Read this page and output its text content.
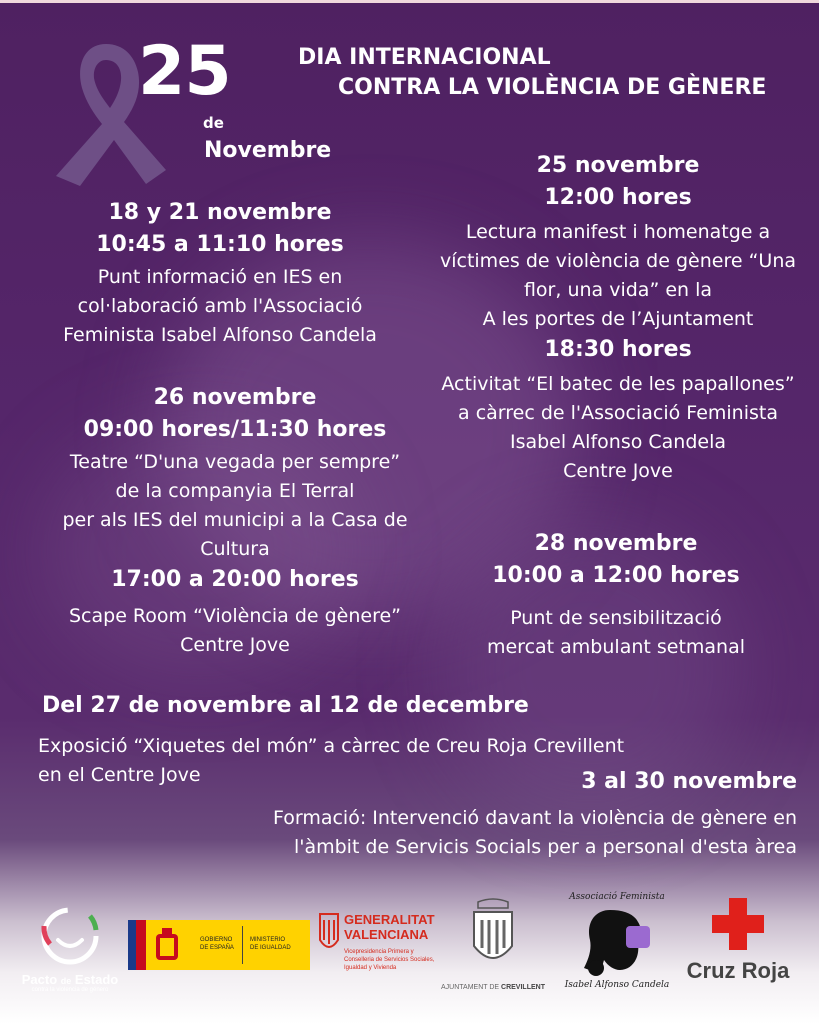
25
de
Novembre
DIA INTERNACIONAL
CONTRA LA VIOLÈNCIA DE GÈNERE
18 y 21 novembre
10:45 a 11:10 hores
Punt informació en IES en
col·laboració amb l'Associació
Feminista Isabel Alfonso Candela
26 novembre
09:00 hores/11:30 hores
Teatre “D'una vegada per sempre”
de la companyia El Terral
per als IES del municipi a la Casa de
Cultura
17:00 a 20:00 hores
Scape Room “Violència de gènere”
Centre Jove
25 novembre
12:00 hores
Lectura manifest i homenatge a
víctimes de violència de gènere “Una
flor, una vida” en la
A les portes de l’Ajuntament
18:30 hores
Activitat “El batec de les papallones”
a càrrec de l'Associació Feminista
Isabel Alfonso Candela
Centre Jove
28 novembre
10:00 a 12:00 hores
Punt de sensibilització
mercat ambulant setmanal
Del 27 de novembre al 12 de decembre
Exposició “Xiquetes del món” a càrrec de Creu Roja Crevillent
en el Centre Jove	3 al 30 novembre
Formació: Intervenció davant la violència de gènere en
l'àmbit de Servicis Socials per a personal d'esta àrea
Pacto de Estado
contra la violencia de género
GOBIERNO
DE ESPAÑA
MINISTERIO
DE IGUALDAD
GENERALITAT
VALENCIANA
Vicepresidencia Primera y
Conselleria de Servicios Sociales,
Igualdad y Vivienda
AJUNTAMENT DE CREVILLENT
Associació Feminista
Isabel Alfonso Candela
Cruz Roja
